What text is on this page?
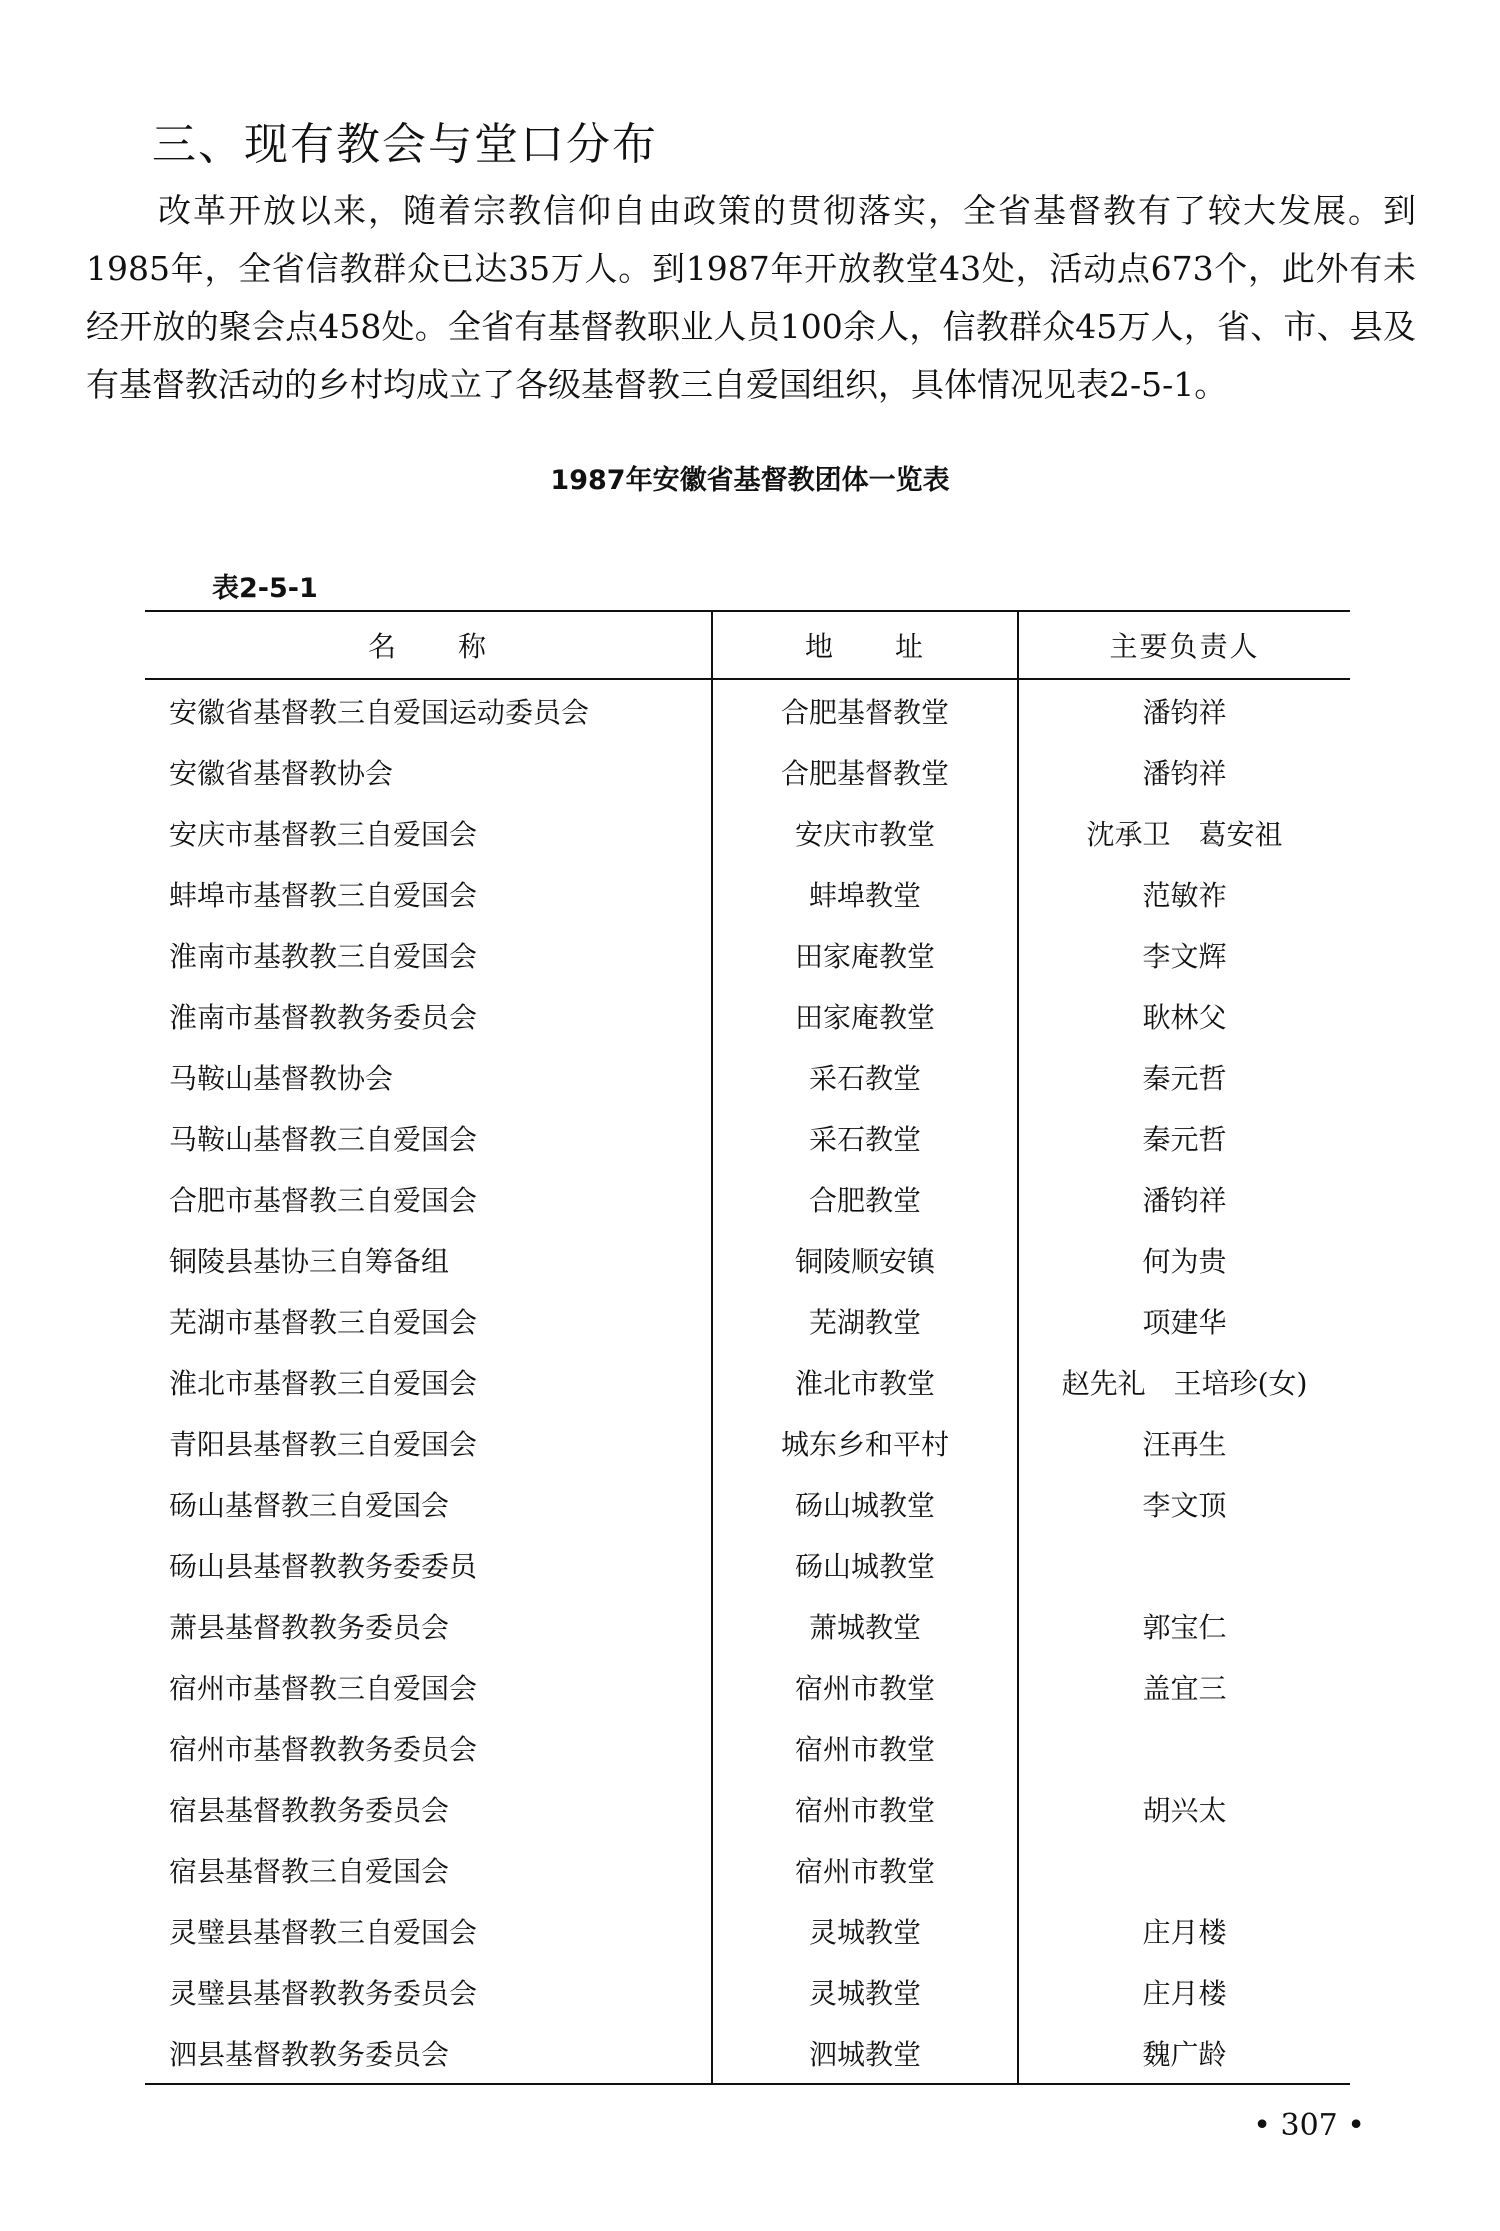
三、现有教会与堂口分布

改革开放以来，随着宗教信仰自由政策的贯彻落实，全省基督教有了较大发展。到1985年，全省信教群众已达35万人。到1987年开放教堂43处，活动点673个，此外有未经开放的聚会点458处。全省有基督教职业人员100余人，信教群众45万人，省、市、县及有基督教活动的乡村均成立了各级基督教三自爱国组织，具体情况见表2-5-1。

1987年安徽省基督教团体一览表

表2-5-1

名　　称	地　　址	主要负责人
安徽省基督教三自爱国运动委员会	合肥基督教堂	潘钧祥
安徽省基督教协会	合肥基督教堂	潘钧祥
安庆市基督教三自爱国会	安庆市教堂	沈承卫　葛安祖
蚌埠市基督教三自爱国会	蚌埠教堂	范敏祚
淮南市基教教三自爱国会	田家庵教堂	李文辉
淮南市基督教教务委员会	田家庵教堂	耿林父
马鞍山基督教协会	采石教堂	秦元哲
马鞍山基督教三自爱国会	采石教堂	秦元哲
合肥市基督教三自爱国会	合肥教堂	潘钧祥
铜陵县基协三自筹备组	铜陵顺安镇	何为贵
芜湖市基督教三自爱国会	芜湖教堂	项建华
淮北市基督教三自爱国会	淮北市教堂	赵先礼　王培珍(女)
青阳县基督教三自爱国会	城东乡和平村	汪再生
砀山基督教三自爱国会	砀山城教堂	李文顶
砀山县基督教教务委委员	砀山城教堂	
萧县基督教教务委员会	萧城教堂	郭宝仁
宿州市基督教三自爱国会	宿州市教堂	盖宜三
宿州市基督教教务委员会	宿州市教堂	
宿县基督教教务委员会	宿州市教堂	胡兴太
宿县基督教三自爱国会	宿州市教堂	
灵璧县基督教三自爱国会	灵城教堂	庄月楼
灵璧县基督教教务委员会	灵城教堂	庄月楼
泗县基督教教务委员会	泗城教堂	魏广龄

• 307 •
